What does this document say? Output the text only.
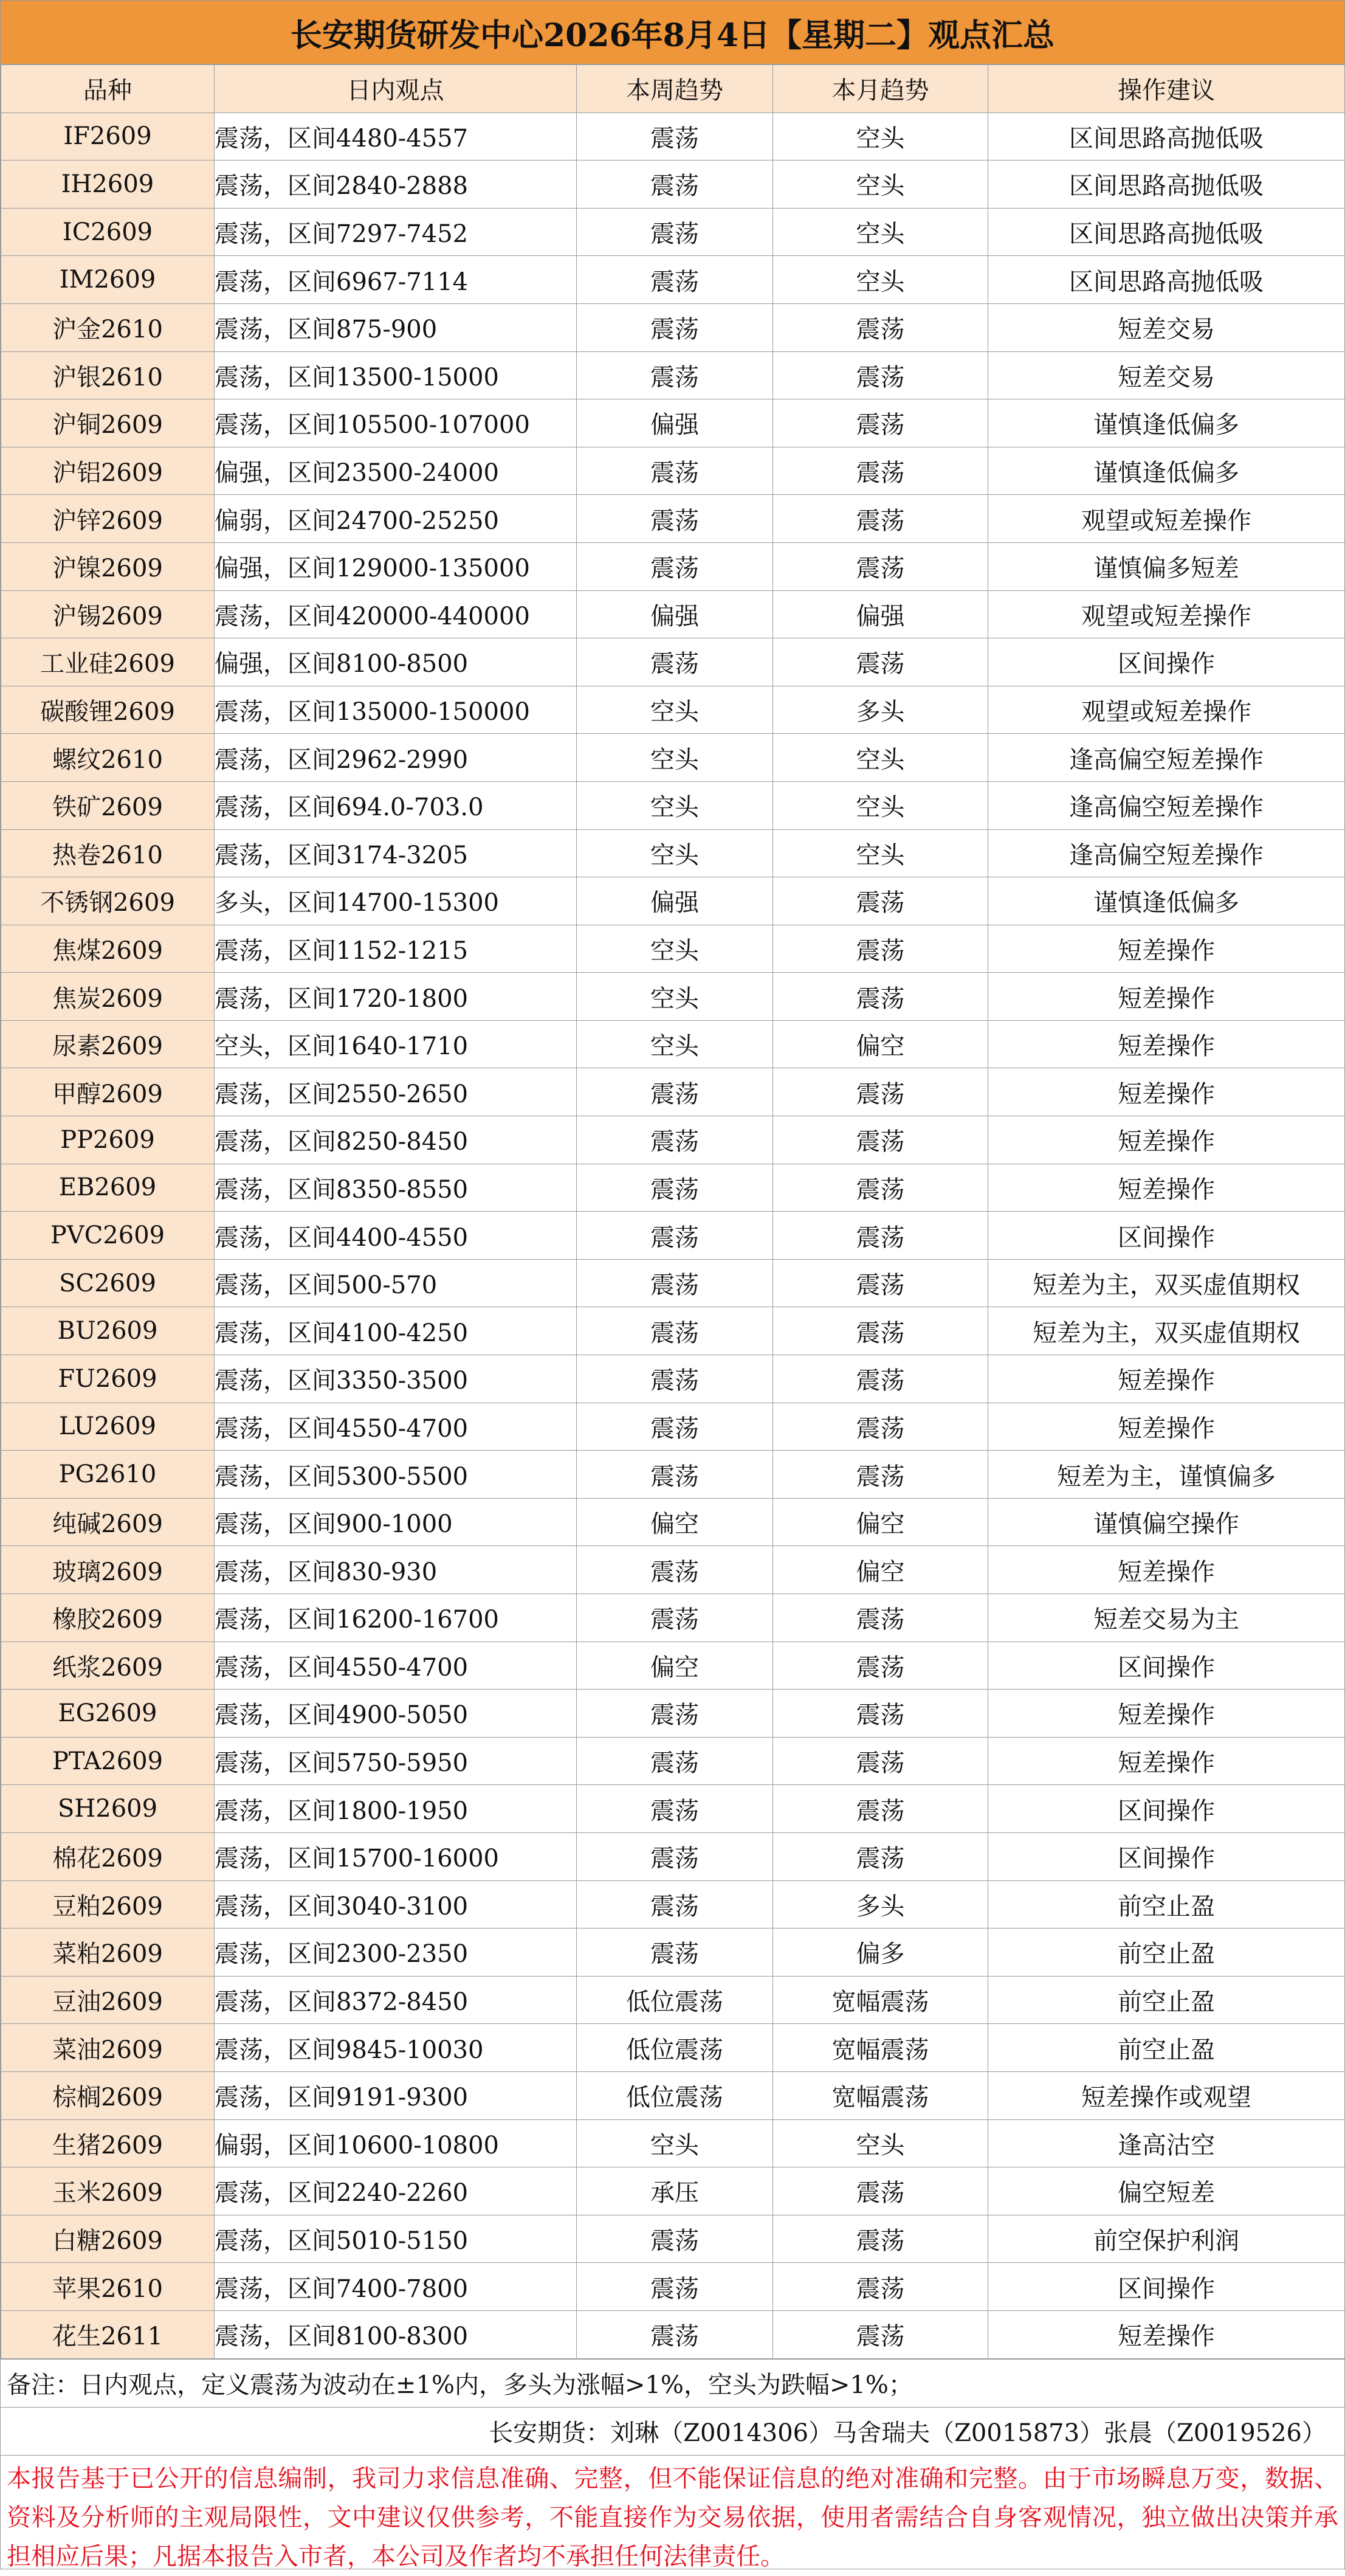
长安期货研发中心2026年8月4日【星期二】观点汇总
品种	日内观点	本周趋势	本月趋势	操作建议
IF2609	震荡，区间4480-4557	震荡	空头	区间思路高抛低吸
IH2609	震荡，区间2840-2888	震荡	空头	区间思路高抛低吸
IC2609	震荡，区间7297-7452	震荡	空头	区间思路高抛低吸
IM2609	震荡，区间6967-7114	震荡	空头	区间思路高抛低吸
沪金2610	震荡，区间875-900	震荡	震荡	短差交易
沪银2610	震荡，区间13500-15000	震荡	震荡	短差交易
沪铜2609	震荡，区间105500-107000	偏强	震荡	谨慎逢低偏多
沪铝2609	偏强，区间23500-24000	震荡	震荡	谨慎逢低偏多
沪锌2609	偏弱，区间24700-25250	震荡	震荡	观望或短差操作
沪镍2609	偏强，区间129000-135000	震荡	震荡	谨慎偏多短差
沪锡2609	震荡，区间420000-440000	偏强	偏强	观望或短差操作
工业硅2609	偏强，区间8100-8500	震荡	震荡	区间操作
碳酸锂2609	震荡，区间135000-150000	空头	多头	观望或短差操作
螺纹2610	震荡，区间2962-2990	空头	空头	逢高偏空短差操作
铁矿2609	震荡，区间694.0-703.0	空头	空头	逢高偏空短差操作
热卷2610	震荡，区间3174-3205	空头	空头	逢高偏空短差操作
不锈钢2609	多头，区间14700-15300	偏强	震荡	谨慎逢低偏多
焦煤2609	震荡，区间1152-1215	空头	震荡	短差操作
焦炭2609	震荡，区间1720-1800	空头	震荡	短差操作
尿素2609	空头，区间1640-1710	空头	偏空	短差操作
甲醇2609	震荡，区间2550-2650	震荡	震荡	短差操作
PP2609	震荡，区间8250-8450	震荡	震荡	短差操作
EB2609	震荡，区间8350-8550	震荡	震荡	短差操作
PVC2609	震荡，区间4400-4550	震荡	震荡	区间操作
SC2609	震荡，区间500-570	震荡	震荡	短差为主，双买虚值期权
BU2609	震荡，区间4100-4250	震荡	震荡	短差为主，双买虚值期权
FU2609	震荡，区间3350-3500	震荡	震荡	短差操作
LU2609	震荡，区间4550-4700	震荡	震荡	短差操作
PG2610	震荡，区间5300-5500	震荡	震荡	短差为主，谨慎偏多
纯碱2609	震荡，区间900-1000	偏空	偏空	谨慎偏空操作
玻璃2609	震荡，区间830-930	震荡	偏空	短差操作
橡胶2609	震荡，区间16200-16700	震荡	震荡	短差交易为主
纸浆2609	震荡，区间4550-4700	偏空	震荡	区间操作
EG2609	震荡，区间4900-5050	震荡	震荡	短差操作
PTA2609	震荡，区间5750-5950	震荡	震荡	短差操作
SH2609	震荡，区间1800-1950	震荡	震荡	区间操作
棉花2609	震荡，区间15700-16000	震荡	震荡	区间操作
豆粕2609	震荡，区间3040-3100	震荡	多头	前空止盈
菜粕2609	震荡，区间2300-2350	震荡	偏多	前空止盈
豆油2609	震荡，区间8372-8450	低位震荡	宽幅震荡	前空止盈
菜油2609	震荡，区间9845-10030	低位震荡	宽幅震荡	前空止盈
棕榈2609	震荡，区间9191-9300	低位震荡	宽幅震荡	短差操作或观望
生猪2609	偏弱，区间10600-10800	空头	空头	逢高沽空
玉米2609	震荡，区间2240-2260	承压	震荡	偏空短差
白糖2609	震荡，区间5010-5150	震荡	震荡	前空保护利润
苹果2610	震荡，区间7400-7800	震荡	震荡	区间操作
花生2611	震荡，区间8100-8300	震荡	震荡	短差操作
备注：日内观点，定义震荡为波动在±1%内，多头为涨幅>1%，空头为跌幅>1%；
长安期货：刘琳（Z0014306）马舍瑞夫（Z0015873）张晨（Z0019526）
本报告基于已公开的信息编制，我司力求信息准确、完整，但不能保证信息的绝对准确和完整。由于市场瞬息万变，数据、资料及分析师的主观局限性，文中建议仅供参考，不能直接作为交易依据，使用者需结合自身客观情况，独立做出决策并承担相应后果；凡据本报告入市者，本公司及作者均不承担任何法律责任。
